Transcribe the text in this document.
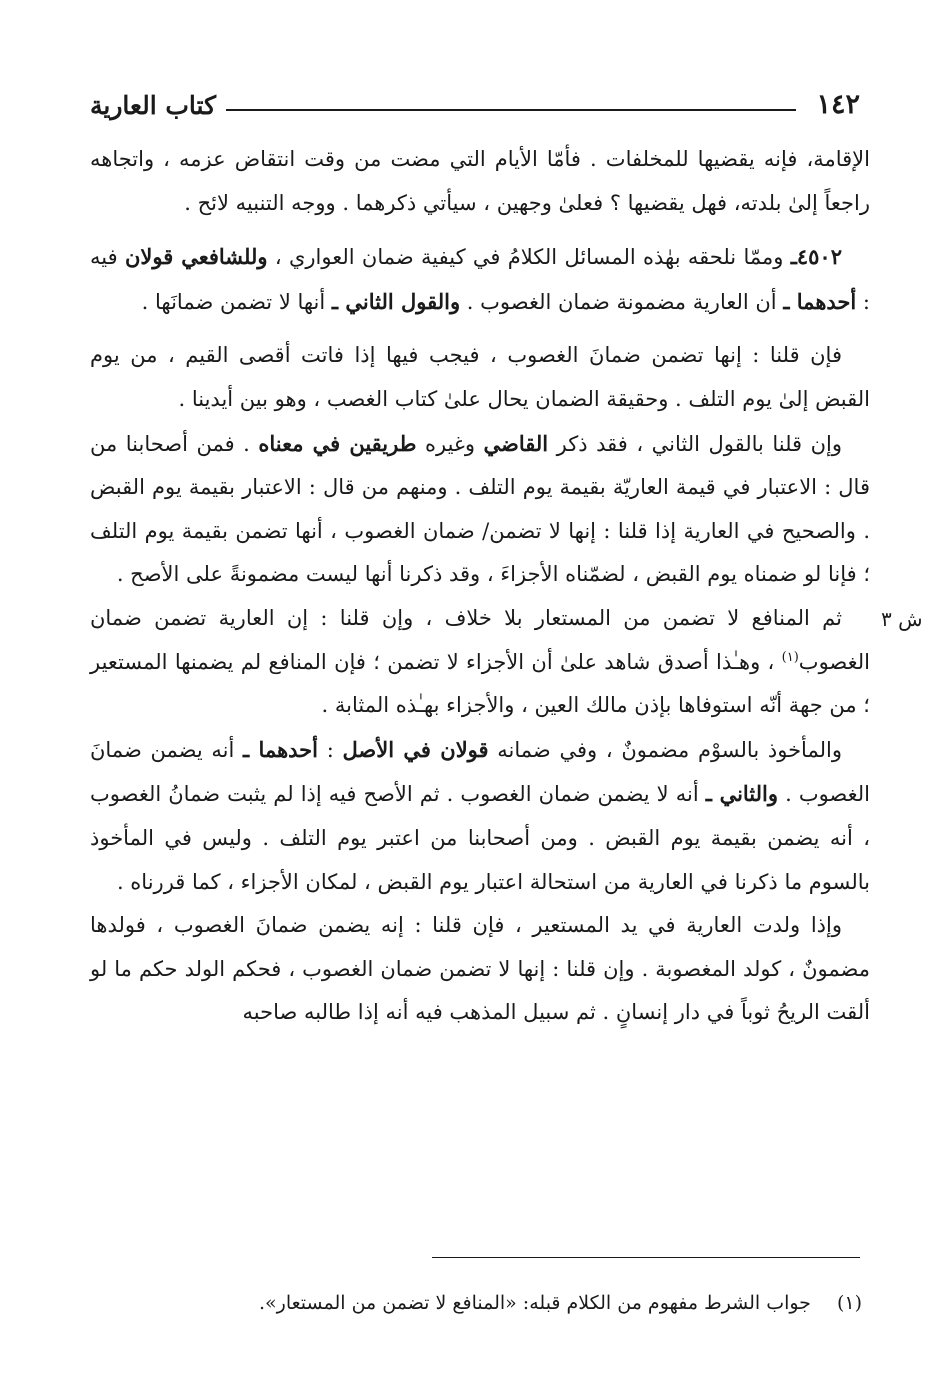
١٤٢
كتاب العارية

الإقامة، فإنه يقضيها للمخلفات . فأمّا الأيام التي مضت من وقت انتقاض عزمه ، واتجاهه راجعاً إلىٰ بلدته، فهل يقضيها ؟ فعلىٰ وجهين ، سيأتي ذكرهما . ووجه التنبيه لائح .

٤٥٠٢ـ وممّا نلحقه بهٰذه المسائل الكلامُ في كيفية ضمان العواري ، وللشافعي قولان فيه : أحدهما ـ أن العارية مضمونة ضمان الغصوب . والقول الثاني ـ أنها لا تضمن ضمانَها .

فإن قلنا : إنها تضمن ضمانَ الغصوب ، فيجب فيها إذا فاتت أقصى القيم ، من يوم القبض إلىٰ يوم التلف . وحقيقة الضمان يحال علىٰ كتاب الغصب ، وهو بين أيدينا .

وإن قلنا بالقول الثاني ، فقد ذكر القاضي وغيره طريقين في معناه . فمن أصحابنا من قال : الاعتبار في قيمة العاريّة بقيمة يوم التلف . ومنهم من قال : الاعتبار بقيمة يوم القبض . والصحيح في العارية إذا قلنا : إنها لا تضمن/ ضمان الغصوب ، أنها تضمن بقيمة يوم التلف ؛ فإنا لو ضمناه يوم القبض ، لضمّناه الأجزاءَ ، وقد ذكرنا أنها ليست مضمونةً على الأصح .

ثم المنافع لا تضمن من المستعار بلا خلاف ، وإن قلنا : إن العارية تضمن ضمان الغصوب$^{(١)}$ ، وهـٰذا أصدق شاهد علىٰ أن الأجزاء لا تضمن ؛ فإن المنافع لم يضمنها المستعير ؛ من جهة أنّه استوفاها بإذن مالك العين ، والأجزاء بهـٰذه المثابة .

والمأخوذ بالسوْم مضمونٌ ، وفي ضمانه قولان في الأصل : أحدهما ـ أنه يضمن ضمانَ الغصوب . والثاني ـ أنه لا يضمن ضمان الغصوب . ثم الأصح فيه إذا لم يثبت ضمانُ الغصوب ، أنه يضمن بقيمة يوم القبض . ومن أصحابنا من اعتبر يوم التلف . وليس في المأخوذ بالسوم ما ذكرنا في العارية من استحالة اعتبار يوم القبض ، لمكان الأجزاء ، كما قررناه .

وإذا ولدت العارية في يد المستعير ، فإن قلنا : إنه يضمن ضمانَ الغصوب ، فولدها مضمونٌ ، كولد المغصوبة . وإن قلنا : إنها لا تضمن ضمان الغصوب ، فحكم الولد حكم ما لو ألقت الريحُ ثوباً في دار إنسانٍ . ثم سبيل المذهب فيه أنه إذا طالبه صاحبه

ش ٣
(١)جواب الشرط مفهوم من الكلام قبله: «المنافع لا تضمن من المستعار».
